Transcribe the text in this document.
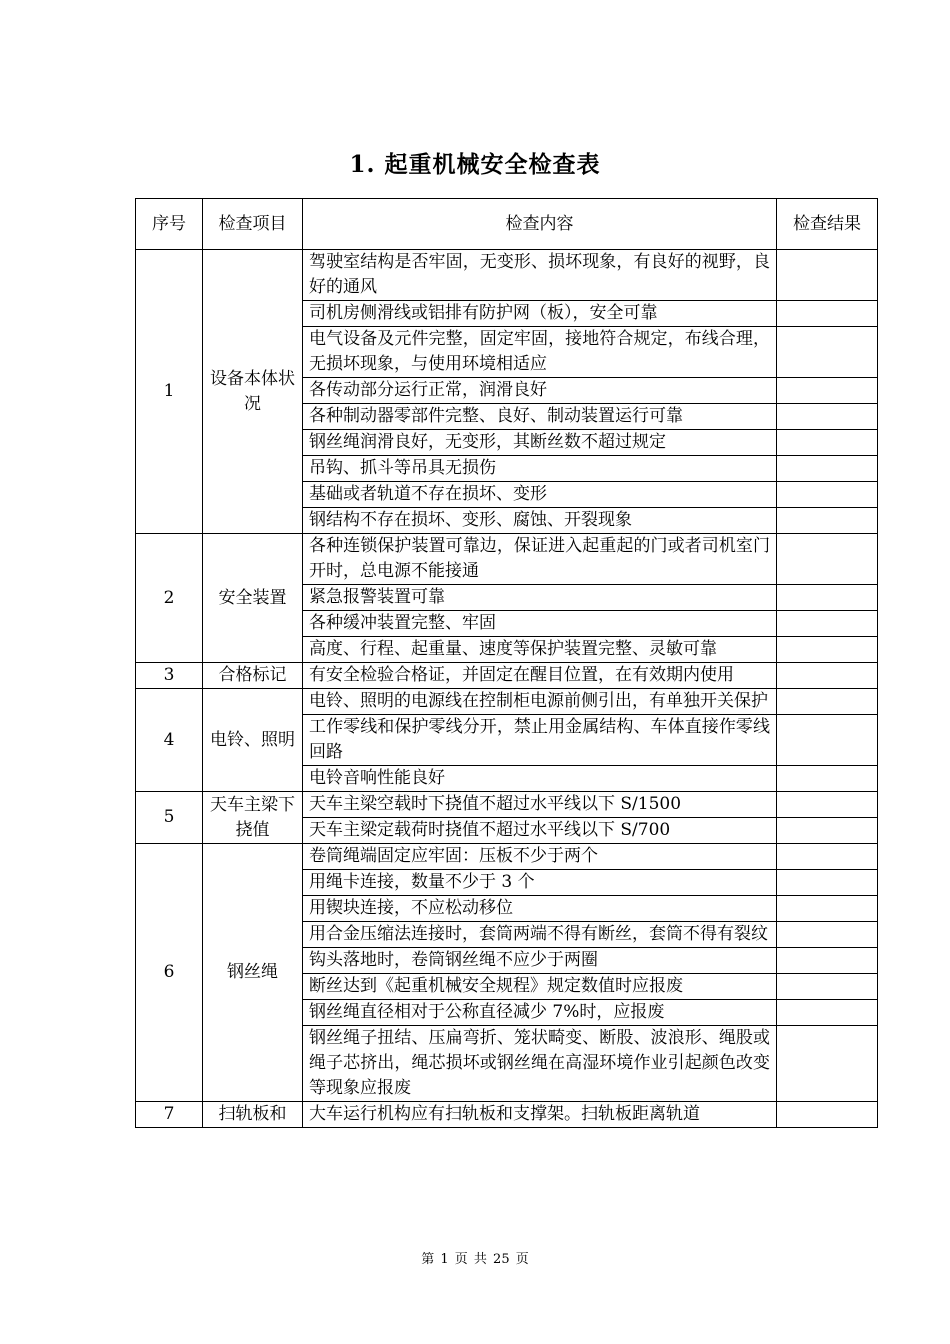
1. 起重机械安全检查表
序号	检查项目	检查内容	检查结果
1	设备本体状况	驾驶室结构是否牢固，无变形、损坏现象，有良好的视野，良好的通风	
		司机房侧滑线或铝排有防护网（板），安全可靠	
		电气设备及元件完整，固定牢固，接地符合规定，布线合理，无损坏现象，与使用环境相适应	
		各传动部分运行正常，润滑良好	
		各种制动器零部件完整、良好、制动装置运行可靠	
		钢丝绳润滑良好，无变形，其断丝数不超过规定	
		吊钩、抓斗等吊具无损伤	
		基础或者轨道不存在损坏、变形	
		钢结构不存在损坏、变形、腐蚀、开裂现象	
2	安全装置	各种连锁保护装置可靠边，保证进入起重起的门或者司机室门开时，总电源不能接通	
		紧急报警装置可靠	
		各种缓冲装置完整、牢固	
		高度、行程、起重量、速度等保护装置完整、灵敏可靠	
3	合格标记	有安全检验合格证，并固定在醒目位置，在有效期内使用	
4	电铃、照明	电铃、照明的电源线在控制柜电源前侧引出，有单独开关保护	
		工作零线和保护零线分开，禁止用金属结构、车体直接作零线回路	
		电铃音响性能良好	
5	天车主梁下挠值	天车主梁空载时下挠值不超过水平线以下 S/1500	
		天车主梁定载荷时挠值不超过水平线以下 S/700	
6	钢丝绳	卷筒绳端固定应牢固：压板不少于两个	
		用绳卡连接，数量不少于 3 个	
		用锲块连接，不应松动移位	
		用合金压缩法连接时，套筒两端不得有断丝，套筒不得有裂纹	
		钩头落地时，卷筒钢丝绳不应少于两圈	
		断丝达到《起重机械安全规程》规定数值时应报废	
		钢丝绳直径相对于公称直径减少 7%时，应报废	
		钢丝绳子扭结、压扁弯折、笼状畸变、断股、波浪形、绳股或绳子芯挤出，绳芯损坏或钢丝绳在高湿环境作业引起颜色改变等现象应报废	
7	扫轨板和	大车运行机构应有扫轨板和支撑架。扫轨板距离轨道	
第 1 页 共 25 页
